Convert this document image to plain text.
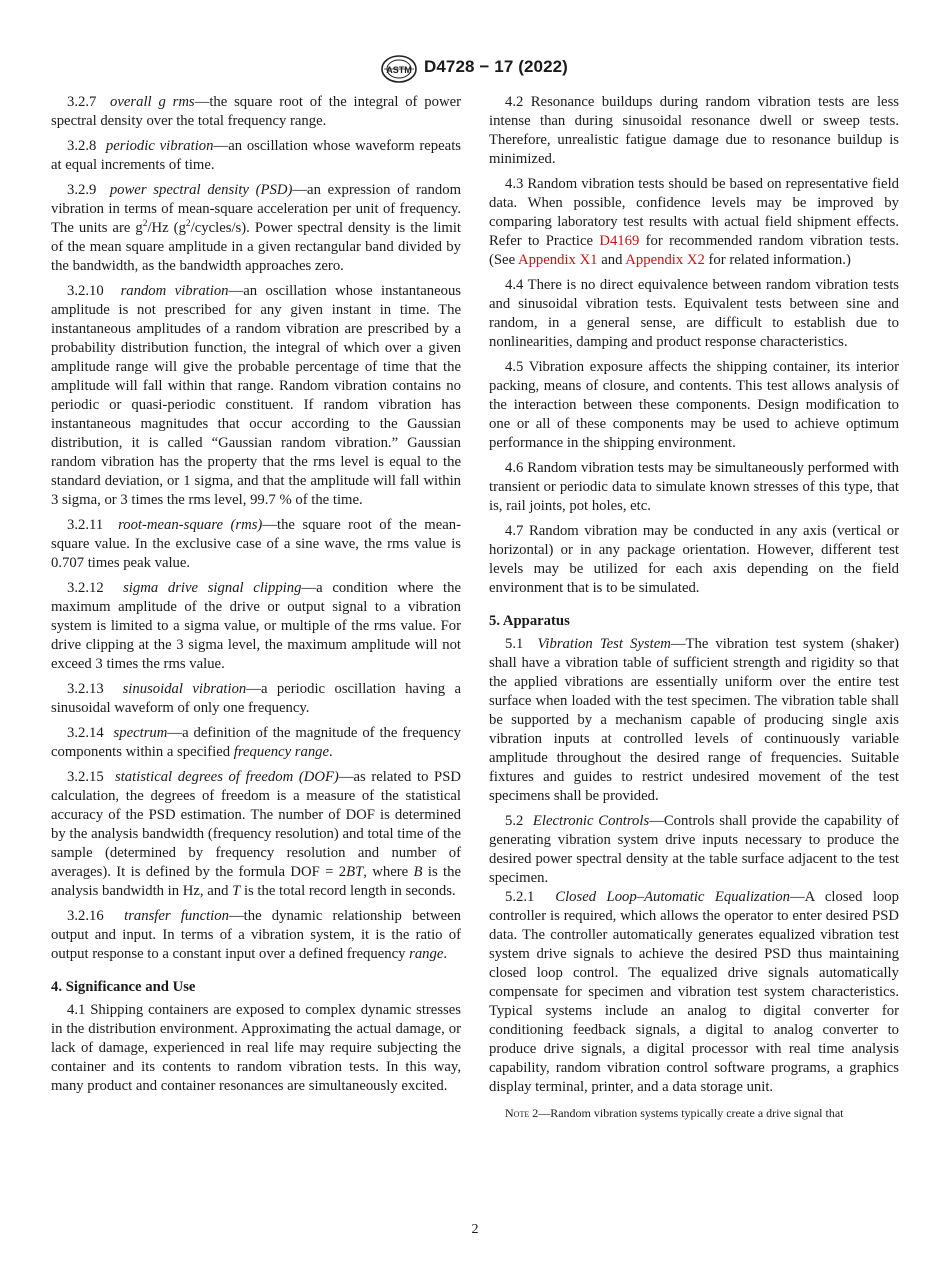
ASTM D4728 − 17 (2022)

3.2.7 overall g rms—the square root of the integral of power spectral density over the total frequency range.

3.2.8 periodic vibration—an oscillation whose waveform repeats at equal increments of time.

3.2.9 power spectral density (PSD)—an expression of random vibration in terms of mean-square acceleration per unit of frequency. The units are $g^2/Hz$ $(g^2/cycles/s)$. Power spectral density is the limit of the mean square amplitude in a given rectangular band divided by the bandwidth, as the bandwidth approaches zero.

3.2.10 random vibration—an oscillation whose instantaneous amplitude is not prescribed for any given instant in time. The instantaneous amplitudes of a random vibration are prescribed by a probability distribution function, the integral of which over a given amplitude range will give the probable percentage of time that the amplitude will fall within that range. Random vibration contains no periodic or quasi-periodic constituent. If random vibration has instantaneous magnitudes that occur according to the Gaussian distribution, it is called “Gaussian random vibration.” Gaussian random vibration has the property that the rms level is equal to the standard deviation, or 1 sigma, and that the amplitude will fall within 3 sigma, or 3 times the rms level, 99.7 % of the time.

3.2.11 root-mean-square (rms)—the square root of the mean-square value. In the exclusive case of a sine wave, the rms value is 0.707 times peak value.

3.2.12 sigma drive signal clipping—a condition where the maximum amplitude of the drive or output signal to a vibration system is limited to a sigma value, or multiple of the rms value. For drive clipping at the 3 sigma level, the maximum amplitude will not exceed 3 times the rms value.

3.2.13 sinusoidal vibration—a periodic oscillation having a sinusoidal waveform of only one frequency.

3.2.14 spectrum—a definition of the magnitude of the frequency components within a specified frequency range.

3.2.15 statistical degrees of freedom (DOF)—as related to PSD calculation, the degrees of freedom is a measure of the statistical accuracy of the PSD estimation. The number of DOF is determined by the analysis bandwidth (frequency resolution) and total time of the sample (determined by frequency resolution and number of averages). It is defined by the formula DOF = 2BT, where B is the analysis bandwidth in Hz, and T is the total record length in seconds.

3.2.16 transfer function—the dynamic relationship between output and input. In terms of a vibration system, it is the ratio of output response to a constant input over a defined frequency range.

4. Significance and Use

4.1 Shipping containers are exposed to complex dynamic stresses in the distribution environment. Approximating the actual damage, or lack of damage, experienced in real life may require subjecting the container and its contents to random vibration tests. In this way, many product and container resonances are simultaneously excited.

4.2 Resonance buildups during random vibration tests are less intense than during sinusoidal resonance dwell or sweep tests. Therefore, unrealistic fatigue damage due to resonance buildup is minimized.

4.3 Random vibration tests should be based on representative field data. When possible, confidence levels may be improved by comparing laboratory test results with actual field shipment effects. Refer to Practice D4169 for recommended random vibration tests. (See Appendix X1 and Appendix X2 for related information.)

4.4 There is no direct equivalence between random vibration tests and sinusoidal vibration tests. Equivalent tests between sine and random, in a general sense, are difficult to establish due to nonlinearities, damping and product response characteristics.

4.5 Vibration exposure affects the shipping container, its interior packing, means of closure, and contents. This test allows analysis of the interaction between these components. Design modification to one or all of these components may be used to achieve optimum performance in the shipping environment.

4.6 Random vibration tests may be simultaneously performed with transient or periodic data to simulate known stresses of this type, that is, rail joints, pot holes, etc.

4.7 Random vibration may be conducted in any axis (vertical or horizontal) or in any package orientation. However, different test levels may be utilized for each axis depending on the field environment that is to be simulated.

5. Apparatus

5.1 Vibration Test System—The vibration test system (shaker) shall have a vibration table of sufficient strength and rigidity so that the applied vibrations are essentially uniform over the entire test surface when loaded with the test specimen. The vibration table shall be supported by a mechanism capable of producing single axis vibration inputs at controlled levels of continuously variable amplitude throughout the desired range of frequencies. Suitable fixtures and guides to restrict undesired movement of the test specimens shall be provided.

5.2 Electronic Controls—Controls shall provide the capability of generating vibration system drive inputs necessary to produce the desired power spectral density at the table surface adjacent to the test specimen.

5.2.1 Closed Loop–Automatic Equalization—A closed loop controller is required, which allows the operator to enter desired PSD data. The controller automatically generates equalized vibration test system drive signals to achieve the desired PSD thus maintaining closed loop control. The equalized drive signals automatically compensate for specimen and vibration test system characteristics. Typical systems include an analog to digital converter for conditioning feedback signals, a digital to analog converter to produce drive signals, a digital processor with real time analysis capability, random vibration control software programs, a graphics display terminal, printer, and a data storage unit.

Note 2—Random vibration systems typically create a drive signal that
2
